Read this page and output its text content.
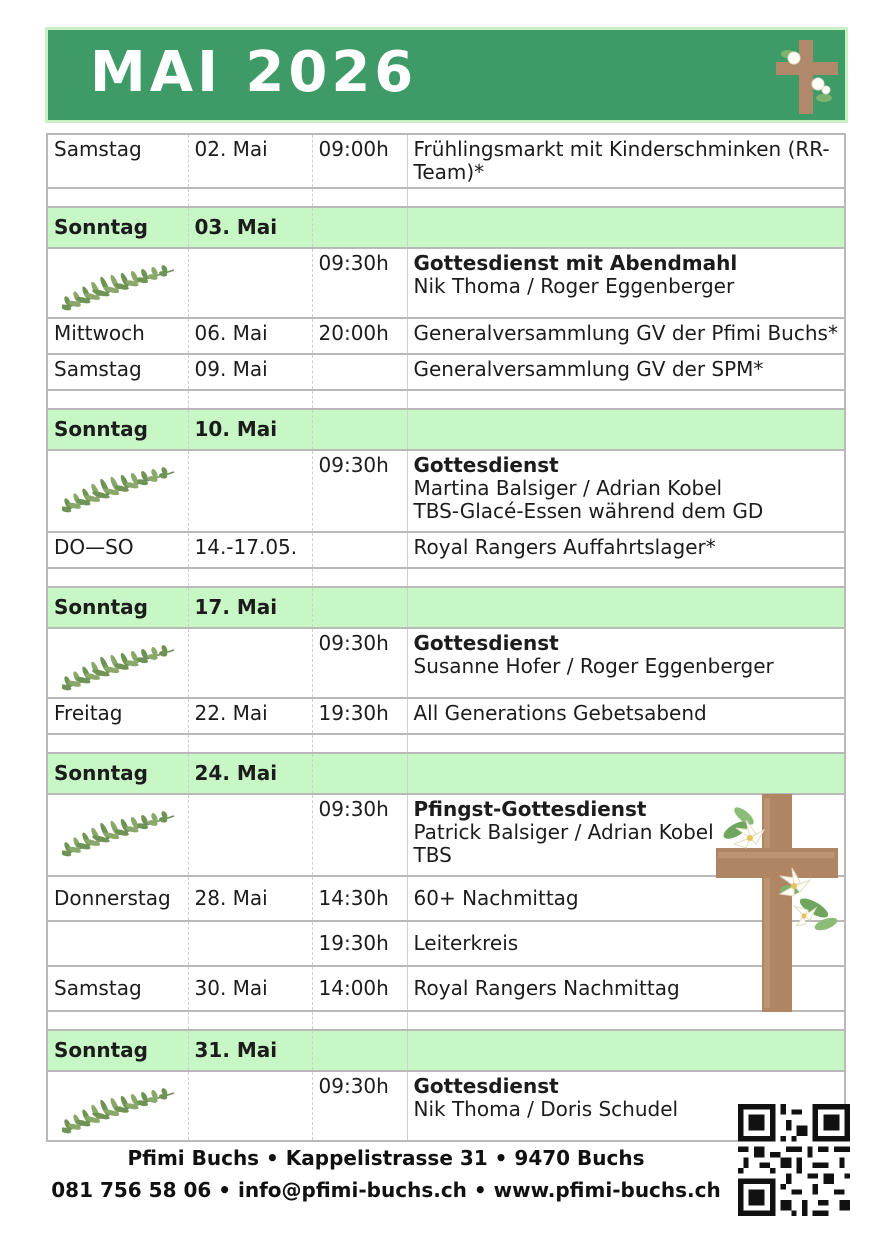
MAI 2026
Samstag	02. Mai	09:00h	Frühlingsmarkt mit Kinderschminken (RR-Team)*

Sonntag	03. Mai		

		09:30h	Gottesdienst mit Abendmahl
Nik Thoma / Roger Eggenberger

Mittwoch	06. Mai	20:00h	Generalversammlung GV der Pfimi Buchs*
Samstag	09. Mai		Generalversammlung GV der SPM*

Sonntag	10. Mai		

		09:30h	Gottesdienst
Martina Balsiger / Adrian Kobel
TBS-Glacé-Essen während dem GD

DO—SO	14.-17.05.		Royal Rangers Auffahrtslager*

Sonntag	17. Mai		

		09:30h	Gottesdienst
Susanne Hofer / Roger Eggenberger

Freitag	22. Mai	19:30h	All Generations Gebetsabend

Sonntag	24. Mai		

		09:30h	Pfingst-Gottesdienst
Patrick Balsiger / Adrian Kobel
TBS

Donnerstag	28. Mai	14:30h	60+ Nachmittag
		19:30h	Leiterkreis
Samstag	30. Mai	14:00h	Royal Rangers Nachmittag

Sonntag	31. Mai		

		09:30h	Gottesdienst
Nik Thoma / Doris Schudel
Pfimi Buchs • Kappelistrasse 31 • 9470 Buchs
081 756 58 06 • info@pfimi-buchs.ch • www.pfimi-buchs.ch
